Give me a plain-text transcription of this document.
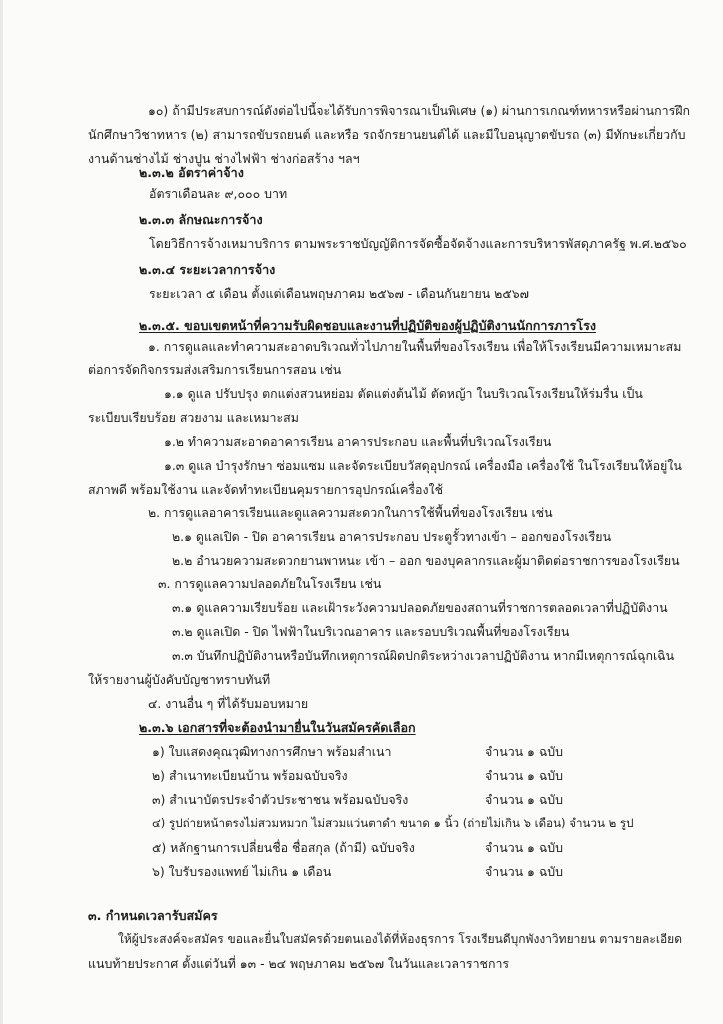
๑๐) ถ้ามีประสบการณ์ดังต่อไปนี้จะได้รับการพิจารณาเป็นพิเศษ (๑) ผ่านการเกณฑ์ทหารหรือผ่านการฝึก
นักศึกษาวิชาทหาร (๒) สามารถขับรถยนต์ และหรือ รถจักรยานยนต์ได้ และมีใบอนุญาตขับรถ (๓) มีทักษะเกี่ยวกับ
งานด้านช่างไม้ ช่างปูน ช่างไฟฟ้า ช่างก่อสร้าง ฯลฯ
๒.๓.๒ อัตราค่าจ้าง
อัตราเดือนละ ๙,๐๐๐ บาท
๒.๓.๓ ลักษณะการจ้าง
โดยวิธีการจ้างเหมาบริการ ตามพระราชบัญญัติการจัดซื้อจัดจ้างและการบริหารพัสดุภาครัฐ พ.ศ.๒๕๖๐
๒.๓.๔ ระยะเวลาการจ้าง
ระยะเวลา ๕ เดือน ตั้งแต่เดือนพฤษภาคม ๒๕๖๗ - เดือนกันยายน ๒๕๖๗
๒.๓.๕. ขอบเขตหน้าที่ความรับผิดชอบและงานที่ปฏิบัติของผู้ปฏิบัติงานนักการภารโรง
๑. การดูแลและทำความสะอาดบริเวณทั่วไปภายในพื้นที่ของโรงเรียน เพื่อให้โรงเรียนมีความเหมาะสม
ต่อการจัดกิจกรรมส่งเสริมการเรียนการสอน เช่น
๑.๑ ดูแล ปรับปรุง ตกแต่งสวนหย่อม ตัดแต่งต้นไม้ ตัดหญ้า ในบริเวณโรงเรียนให้ร่มรื่น เป็น
ระเบียบเรียบร้อย สวยงาม และเหมาะสม
๑.๒ ทำความสะอาดอาคารเรียน อาคารประกอบ และพื้นที่บริเวณโรงเรียน
๑.๓ ดูแล บำรุงรักษา ซ่อมแซม และจัดระเบียบวัสดุอุปกรณ์ เครื่องมือ เครื่องใช้ ในโรงเรียนให้อยู่ใน
สภาพดี พร้อมใช้งาน และจัดทำทะเบียนคุมรายการอุปกรณ์เครื่องใช้
๒. การดูแลอาคารเรียนและดูแลความสะดวกในการใช้พื้นที่ของโรงเรียน เช่น
๒.๑ ดูแลเปิด - ปิด อาคารเรียน อาคารประกอบ ประตูรั้วทางเข้า – ออกของโรงเรียน
๒.๒ อำนวยความสะดวกยานพาหนะ เข้า – ออก ของบุคลากรและผู้มาติดต่อราชการของโรงเรียน
๓. การดูแลความปลอดภัยในโรงเรียน เช่น
๓.๑ ดูแลความเรียบร้อย และเฝ้าระวังความปลอดภัยของสถานที่ราชการตลอดเวลาที่ปฏิบัติงาน
๓.๒ ดูแลเปิด - ปิด ไฟฟ้าในบริเวณอาคาร และรอบบริเวณพื้นที่ของโรงเรียน
๓.๓ บันทึกปฏิบัติงานหรือบันทึกเหตุการณ์ผิดปกติระหว่างเวลาปฏิบัติงาน หากมีเหตุการณ์ฉุกเฉิน
ให้รายงานผู้บังคับบัญชาทราบทันที
๔. งานอื่น ๆ ที่ได้รับมอบหมาย
๒.๓.๖ เอกสารที่จะต้องนำมายื่นในวันสมัครคัดเลือก
๑) ใบแสดงคุณวุฒิทางการศึกษา พร้อมสำเนา	จำนวน ๑ ฉบับ
๒) สำเนาทะเบียนบ้าน พร้อมฉบับจริง	จำนวน ๑ ฉบับ
๓) สำเนาบัตรประจำตัวประชาชน พร้อมฉบับจริง	จำนวน ๑ ฉบับ
๔) รูปถ่ายหน้าตรงไม่สวมหมวก ไม่สวมแว่นตาดำ ขนาด ๑ นิ้ว (ถ่ายไม่เกิน ๖ เดือน) จำนวน ๒ รูป
๕) หลักฐานการเปลี่ยนชื่อ ชื่อสกุล (ถ้ามี) ฉบับจริง	จำนวน ๑ ฉบับ
๖) ใบรับรองแพทย์ ไม่เกิน ๑ เดือน	จำนวน ๑ ฉบับ
๓. กำหนดเวลารับสมัคร
ให้ผู้ประสงค์จะสมัคร ขอและยื่นใบสมัครด้วยตนเองได้ที่ห้องธุรการ โรงเรียนดีบุกพังงาวิทยายน ตามรายละเอียด
แนบท้ายประกาศ ตั้งแต่วันที่ ๑๓ - ๒๔ พฤษภาคม ๒๕๖๗ ในวันและเวลาราชการ
